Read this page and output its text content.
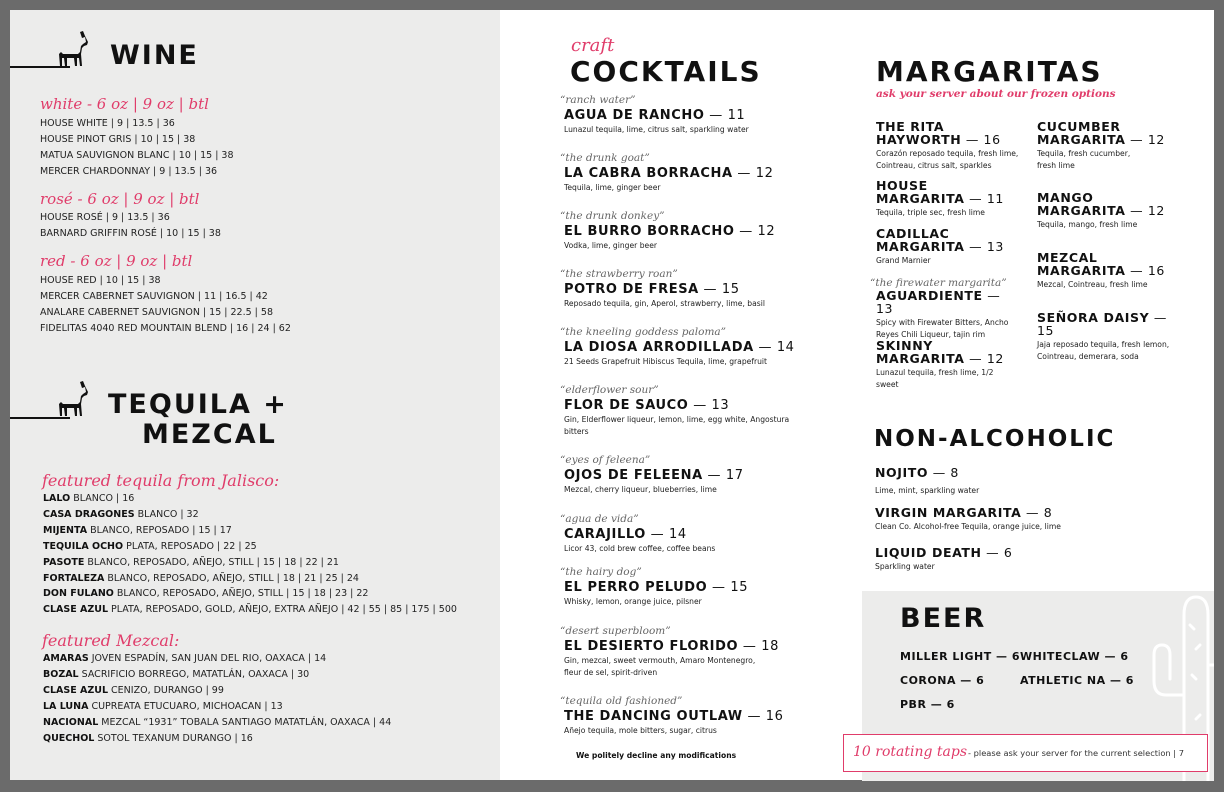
WINE
white - 6 oz | 9 oz | btl
HOUSE WHITE | 9 | 13.5 | 36
HOUSE PINOT GRIS | 10 | 15 | 38
MATUA SAUVIGNON BLANC | 10 | 15 | 38
MERCER CHARDONNAY | 9 | 13.5 | 36
rosé - 6 oz | 9 oz | btl
HOUSE ROSÉ | 9 | 13.5 | 36
BARNARD GRIFFIN ROSÉ | 10 | 15 | 38
red - 6 oz | 9 oz | btl
HOUSE RED | 10 | 15 | 38
MERCER CABERNET SAUVIGNON | 11 | 16.5 | 42
ANALARE CABERNET SAUVIGNON | 15 | 22.5 | 58
FIDELITAS 4040 RED MOUNTAIN BLEND | 16 | 24 | 62
TEQUILA +
MEZCAL
featured tequila from Jalisco:
LALO BLANCO | 16
CASA DRAGONES BLANCO | 32
MIJENTA BLANCO, REPOSADO | 15 | 17
TEQUILA OCHO PLATA, REPOSADO | 22 | 25
PASOTE BLANCO, REPOSADO, AÑEJO, STILL | 15 | 18 | 22 | 21
FORTALEZA BLANCO, REPOSADO, AÑEJO, STILL | 18 | 21 | 25 | 24
DON FULANO BLANCO, REPOSADO, AÑEJO, STILL | 15 | 18 | 23 | 22
CLASE AZUL PLATA, REPOSADO, GOLD, AÑEJO, EXTRA AÑEJO | 42 | 55 | 85 | 175 | 500
featured Mezcal:
AMARAS JOVEN ESPADÍN, SAN JUAN DEL RIO, OAXACA | 14
BOZAL SACRIFICIO BORREGO, MATATLÁN, OAXACA | 30
CLASE AZUL CENIZO, DURANGO | 99
LA LUNA CUPREATA ETUCUARO, MICHOACAN | 13
NACIONAL MEZCAL “1931” TOBALA SANTIAGO MATATLÁN, OAXACA | 44
QUECHOL SOTOL TEXANUM DURANGO | 16
craft
COCKTAILS
“ranch water”
AGUA DE RANCHO — 11
Lunazul tequila, lime, citrus salt, sparkling water
“the drunk goat”
LA CABRA BORRACHA — 12
Tequila, lime, ginger beer
“the drunk donkey”
EL BURRO BORRACHO — 12
Vodka, lime, ginger beer
“the strawberry roan”
POTRO DE FRESA — 15
Reposado tequila, gin, Aperol, strawberry, lime, basil
“the kneeling goddess paloma”
LA DIOSA ARRODILLADA — 14
21 Seeds Grapefruit Hibiscus Tequila, lime, grapefruit
“elderflower sour”
FLOR DE SAUCO — 13
Gin, Elderflower liqueur, lemon, lime, egg white, Angostura bitters
“eyes of feleena”
OJOS DE FELEENA — 17
Mezcal, cherry liqueur, blueberries, lime
“agua de vida”
CARAJILLO — 14
Licor 43, cold brew coffee, coffee beans
“the hairy dog”
EL PERRO PELUDO — 15
Whisky, lemon, orange juice, pilsner
“desert superbloom”
EL DESIERTO FLORIDO — 18
Gin, mezcal, sweet vermouth, Amaro Montenegro, fleur de sel, spirit-driven
“tequila old fashioned”
THE DANCING OUTLAW — 16
Añejo tequila, mole bitters, sugar, citrus
We politely decline any modifications
MARGARITAS
ask your server about our frozen options
THE RITA
HAYWORTH — 16
Corazón reposado tequila, fresh lime, Cointreau, citrus salt, sparkles
HOUSE
MARGARITA — 11
Tequila, triple sec, fresh lime
CADILLAC
MARGARITA — 13
Grand Marnier
“the firewater margarita”
AGUARDIENTE — 13
Spicy with Firewater Bitters, Ancho Reyes Chili Liqueur, tajin rim
SKINNY
MARGARITA — 12
Lunazul tequila, fresh lime, 1/2 sweet
CUCUMBER
MARGARITA — 12
Tequila, fresh cucumber, fresh lime
MANGO
MARGARITA — 12
Tequila, mango, fresh lime
MEZCAL
MARGARITA — 16
Mezcal, Cointreau, fresh lime
SEÑORA DAISY — 15
Jaja reposado tequila, fresh lemon, Cointreau, demerara, soda
NON-ALCOHOLIC
NOJITO — 8
Lime, mint, sparkling water
VIRGIN MARGARITA — 8
Clean Co. Alcohol-free Tequila, orange juice, lime
LIQUID DEATH — 6
Sparkling water
BEER
MILLER LIGHT — 6 WHITECLAW — 6
CORONA — 6	ATHLETIC NA — 6
PBR — 6
10 rotating taps - please ask your server for the current selection | 7
